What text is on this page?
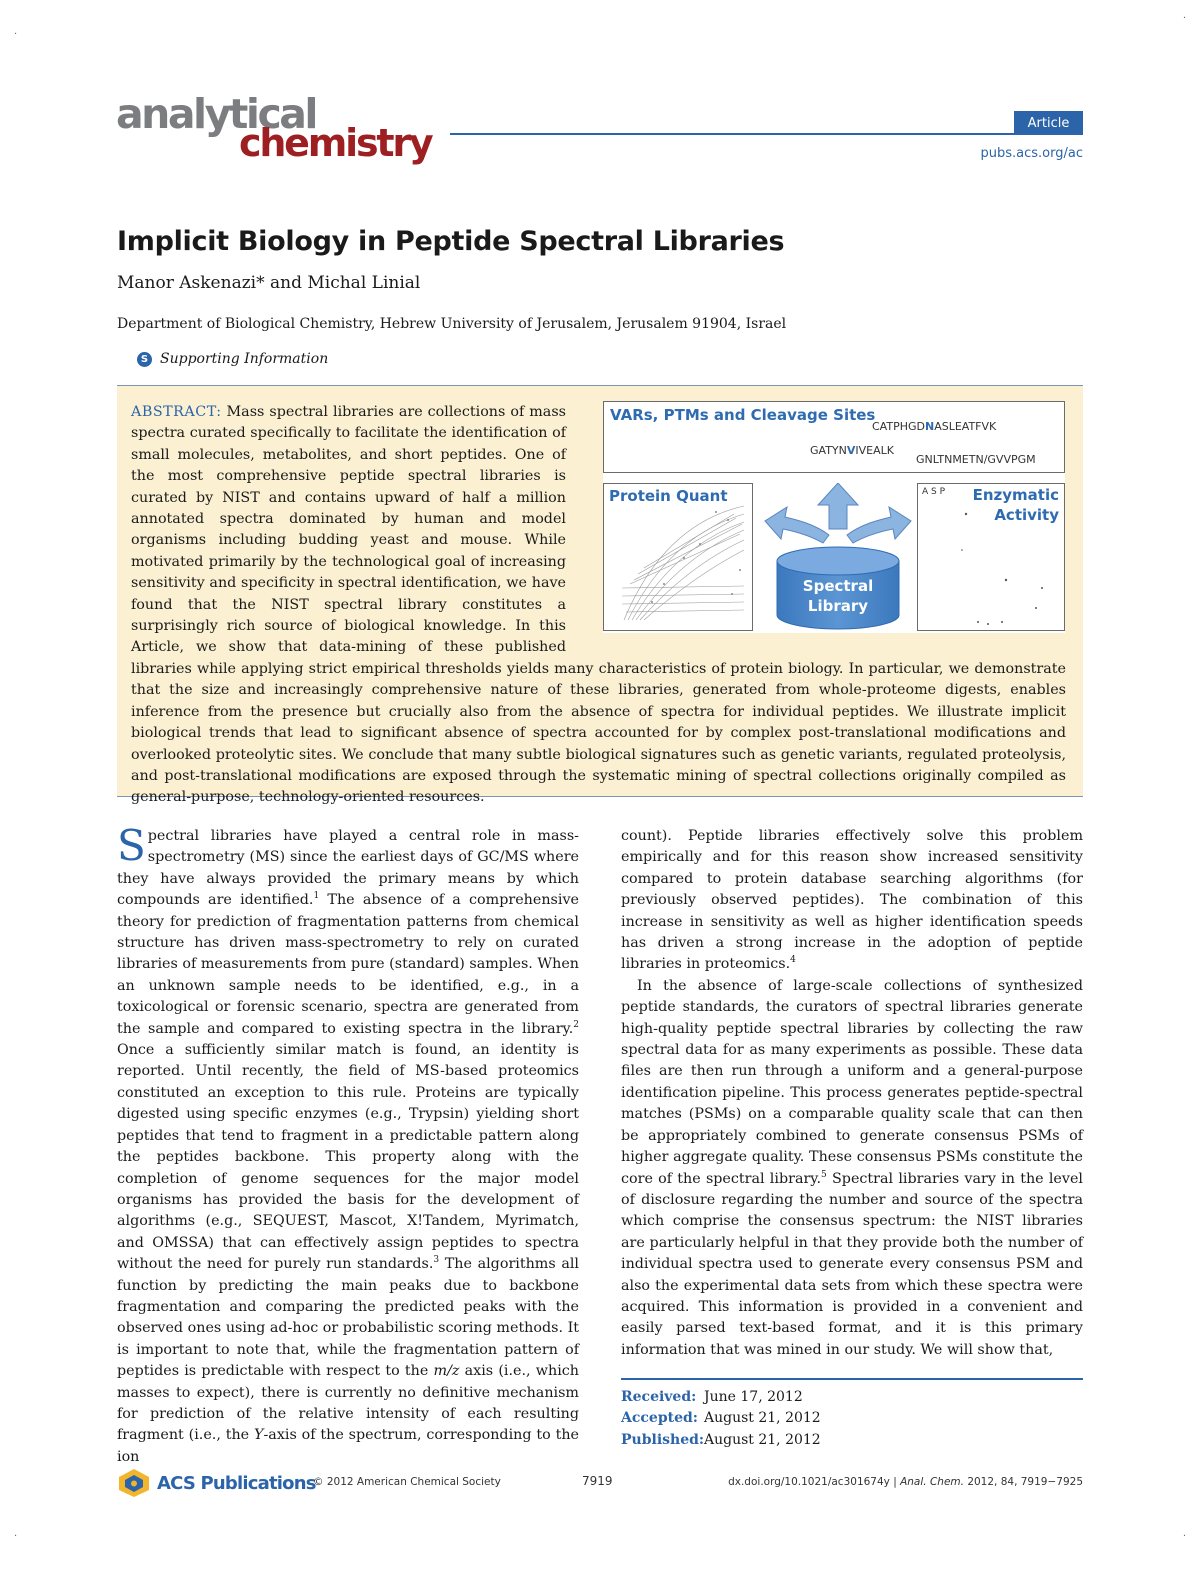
·
·
·	·
analytical
chemistry	Article
pubs.acs.org/ac
Implicit Biology in Peptide Spectral Libraries
Manor Askenazi* and Michal Linial
Department of Biological Chemistry, Hebrew University of Jerusalem, Jerusalem 91904, Israel
S Supporting Information
ABSTRACT: Mass spectral libraries are collections of mass spectra curated specifically to facilitate the identification of small molecules, metabolites, and short peptides. One of the most comprehensive peptide spectral libraries is curated by NIST and contains upward of half a million annotated spectra dominated by human and model organisms including budding yeast and mouse. While motivated primarily by the technological goal of increasing sensitivity and specificity in spectral identification, we have found that the NIST spectral library constitutes a surprisingly rich source of biological knowledge. In this Article, we show that data-mining of these published libraries while applying strict empirical thresholds yields many characteristics of protein biology. In particular, we demonstrate that the size and increasingly comprehensive nature of these libraries, generated from whole-proteome digests, enables inference from the presence but crucially also from the absence of spectra for individual peptides. We illustrate implicit biological trends that lead to significant absence of spectra accounted for by complex post-translational modifications and overlooked proteolytic sites. We conclude that many subtle biological signatures such as genetic variants, regulated proteolysis, and post-translational modifications are exposed through the systematic mining of spectral collections originally compiled as general-purpose, technology-oriented resources.
VARs, PTMs and Cleavage Sites
CATPHGDNASLEATFVK
GATYNVIVEALK
GNLTNMETN/GVVPGM
Protein Quant
Spectral
Library
A S P Enzymatic
Activity

Spectral libraries have played a central role in mass-spectrometry (MS) since the earliest days of GC/MS where they have always provided the primary means by which compounds are identified.$^1$ The absence of a comprehensive theory for prediction of fragmentation patterns from chemical structure has driven mass-spectrometry to rely on curated libraries of measurements from pure (standard) samples. When an unknown sample needs to be identified, e.g., in a toxicological or forensic scenario, spectra are generated from the sample and compared to existing spectra in the library.$^2$ Once a sufficiently similar match is found, an identity is reported. Until recently, the field of MS-based proteomics constituted an exception to this rule. Proteins are typically digested using specific enzymes (e.g., Trypsin) yielding short peptides that tend to fragment in a predictable pattern along the peptides backbone. This property along with the completion of genome sequences for the major model organisms has provided the basis for the development of algorithms (e.g., SEQUEST, Mascot, X!Tandem, Myrimatch, and OMSSA) that can effectively assign peptides to spectra without the need for purely run standards.$^3$ The algorithms all function by predicting the main peaks due to backbone fragmentation and comparing the predicted peaks with the observed ones using ad-hoc or probabilistic scoring methods. It is important to note that, while the fragmentation pattern of peptides is predictable with respect to the m/z axis (i.e., which masses to expect), there is currently no definitive mechanism for prediction of the relative intensity of each resulting fragment (i.e., the Y-axis of the spectrum, corresponding to the ion

count). Peptide libraries effectively solve this problem empirically and for this reason show increased sensitivity compared to protein database searching algorithms (for previously observed peptides). The combination of this increase in sensitivity as well as higher identification speeds has driven a strong increase in the adoption of peptide libraries in proteomics.$^4$

In the absence of large-scale collections of synthesized peptide standards, the curators of spectral libraries generate high-quality peptide spectral libraries by collecting the raw spectral data for as many experiments as possible. These data files are then run through a uniform and a general-purpose identification pipeline. This process generates peptide-spectral matches (PSMs) on a comparable quality scale that can then be appropriately combined to generate consensus PSMs of higher aggregate quality. These consensus PSMs constitute the core of the spectral library.$^5$ Spectral libraries vary in the level of disclosure regarding the number and source of the spectra which comprise the consensus spectrum: the NIST libraries are particularly helpful in that they provide both the number of individual spectra used to generate every consensus PSM and also the experimental data sets from which these spectra were acquired. This information is provided in a convenient and easily parsed text-based format, and it is this primary information that was mined in our study. We will show that,

Received: June 17, 2012
Accepted: August 21, 2012
Published: August 21, 2012
ACS Publications
© 2012 American Chemical Society	7919	dx.doi.org/10.1021/ac301674y | Anal. Chem. 2012, 84, 7919−7925
